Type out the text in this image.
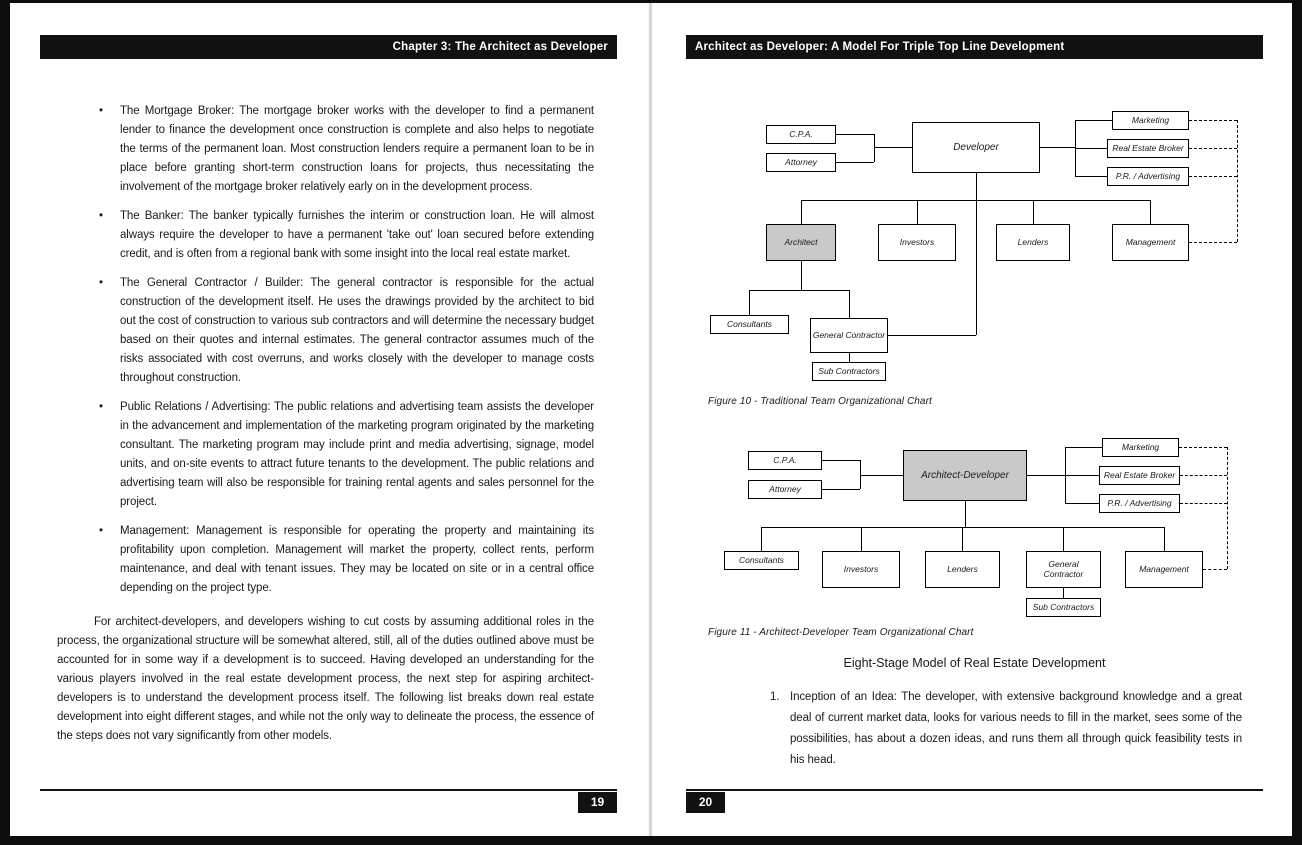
Chapter 3: The Architect as Developer
• The Mortgage Broker: The mortgage broker works with the developer to find a permanent lender to finance the development once construction is complete and also helps to negotiate the terms of the permanent loan. Most construction lenders require a permanent loan to be in place before granting short-term construction loans for projects, thus necessitating the involvement of the mortgage broker relatively early on in the development process.
• The Banker: The banker typically furnishes the interim or construction loan. He will almost always require the developer to have a permanent 'take out' loan secured before extending credit, and is often from a regional bank with some insight into the local real estate market.
• The General Contractor / Builder: The general contractor is responsible for the actual construction of the development itself. He uses the drawings provided by the architect to bid out the cost of construction to various sub contractors and will determine the necessary budget based on their quotes and internal estimates. The general contractor assumes much of the risks associated with cost overruns, and works closely with the developer to manage costs throughout construction.
• Public Relations / Advertising: The public relations and advertising team assists the developer in the advancement and implementation of the marketing program originated by the marketing consultant. The marketing program may include print and media advertising, signage, model units, and on-site events to attract future tenants to the development. The public relations and advertising team will also be responsible for training rental agents and sales personnel for the project.
• Management: Management is responsible for operating the property and maintaining its profitability upon completion. Management will market the property, collect rents, perform maintenance, and deal with tenant issues. They may be located on site or in a central office depending on the project type.

For architect-developers, and developers wishing to cut costs by assuming additional roles in the process, the organizational structure will be somewhat altered, still, all of the duties outlined above must be accounted for in some way if a development is to succeed. Having developed an understanding for the various players involved in the real estate development process, the next step for aspiring architect-developers is to understand the development process itself. The following list breaks down real estate development into eight different stages, and while not the only way to delineate the process, the essence of the steps does not vary significantly from other models.

19
Architect as Developer: A Model For Triple Top Line Development
C.P.A.
Attorney
Developer
Marketing
Real Estate Broker
P.R. / Advertising
Architect	Investors	Lenders	Management
Consultants
General Contractor
Sub Contractors
Figure 10 - Traditional Team Organizational Chart
C.P.A.
Attorney
Architect-Developer
Marketing
Real Estate Broker
P.R. / Advertising
Consultants
Investors	Lenders	General Contractor	Management
Sub Contractors
Figure 11 - Architect-Developer Team Organizational Chart
Eight-Stage Model of Real Estate Development
1. Inception of an Idea: The developer, with extensive background knowledge and a great deal of current market data, looks for various needs to fill in the market, sees some of the possibilities, has about a dozen ideas, and runs them all through quick feasibility tests in his head.
20
